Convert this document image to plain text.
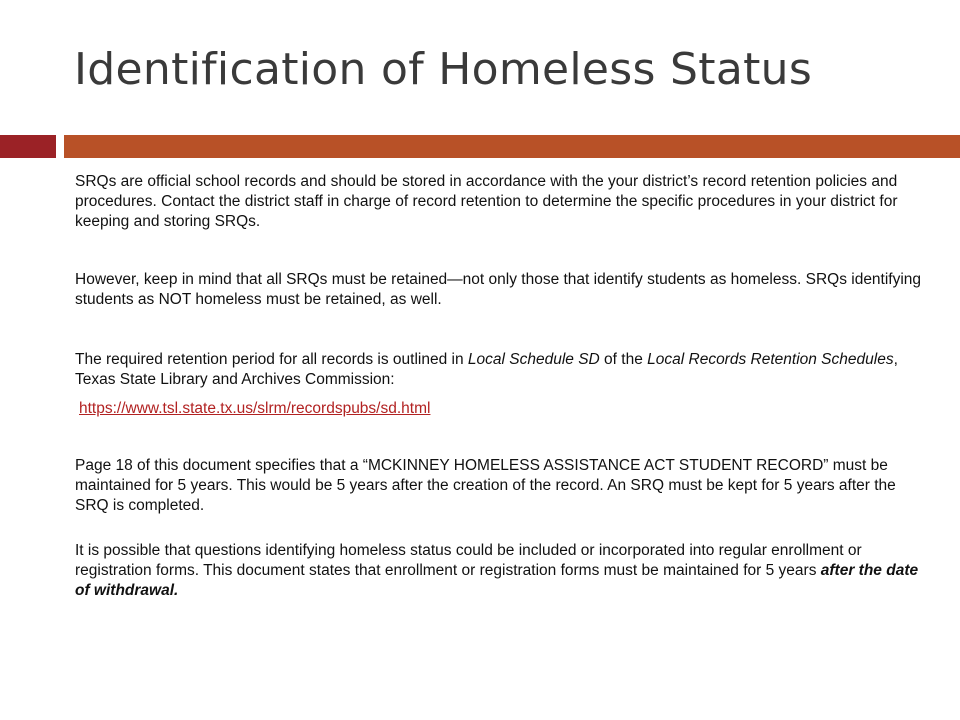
Identification of Homeless Status

SRQs are official school records and should be stored in accordance with the your district’s record retention policies and procedures. Contact the district staff in charge of record retention to determine the specific procedures in your district for keeping and storing SRQs.

However, keep in mind that all SRQs must be retained—not only those that identify students as homeless. SRQs identifying students as NOT homeless must be retained, as well.

The required retention period for all records is outlined in Local Schedule SD of the Local Records Retention Schedules, Texas State Library and Archives Commission:

https://www.tsl.state.tx.us/slrm/recordspubs/sd.html

Page 18 of this document specifies that a “MCKINNEY HOMELESS ASSISTANCE ACT STUDENT RECORD” must be maintained for 5 years. This would be 5 years after the creation of the record. An SRQ must be kept for 5 years after the SRQ is completed.

It is possible that questions identifying homeless status could be included or incorporated into regular enrollment or registration forms. This document states that enrollment or registration forms must be maintained for 5 years after the date of withdrawal.
